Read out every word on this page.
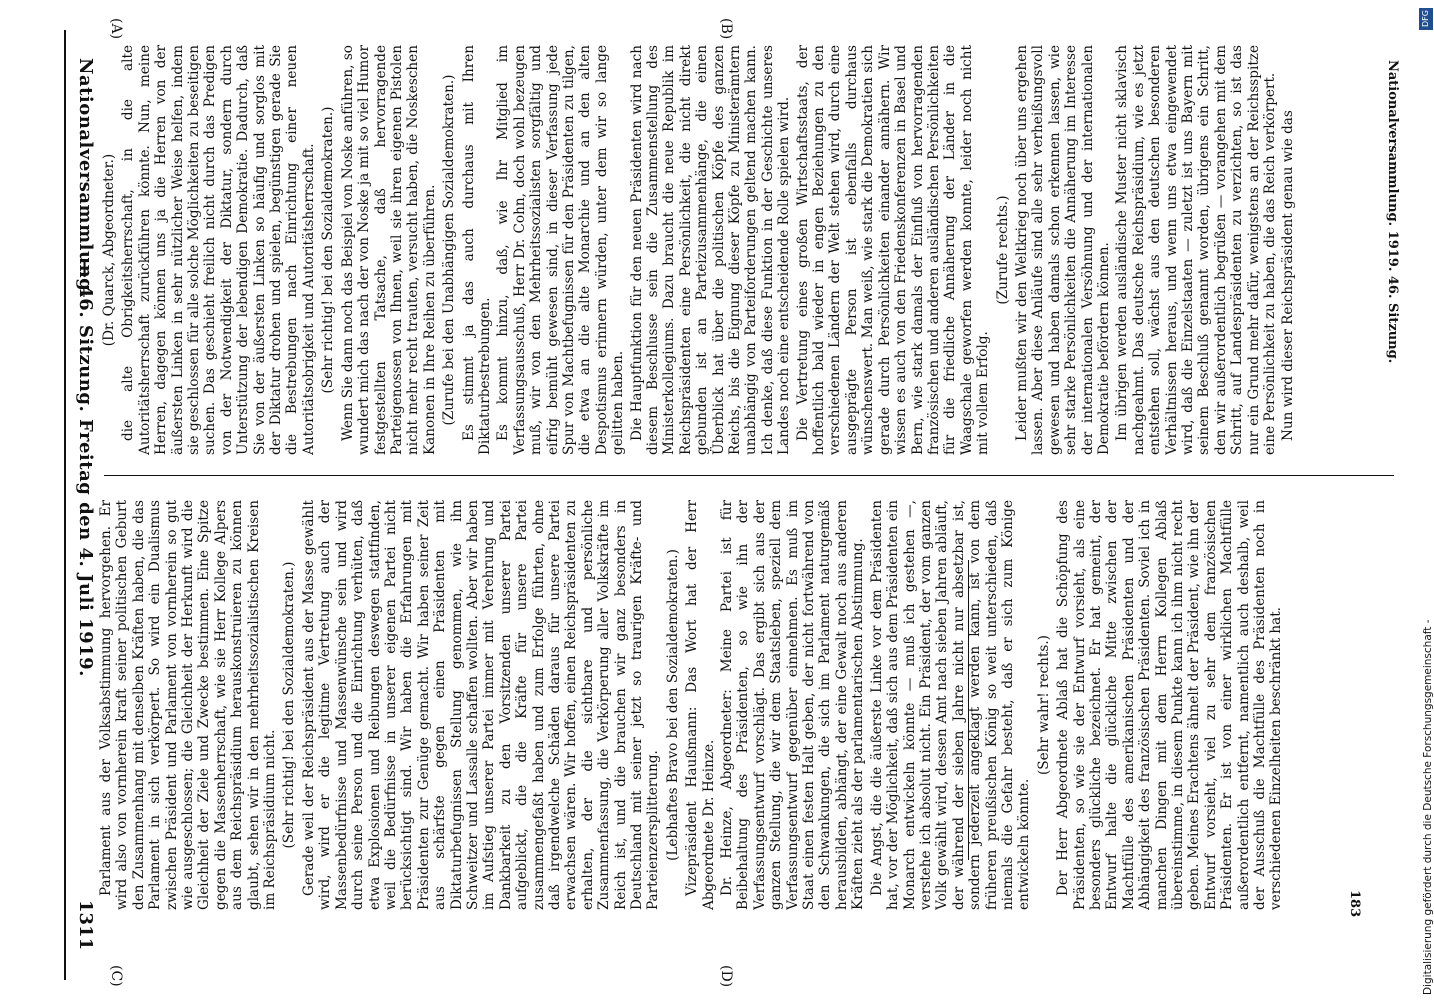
Nationalversammlung.
— 46. Sitzung. Freitag den 4. Juli 1919.
1311
(A)	(B)
(C)	(D)

(Dr. Quarck, Abgeordneter.) die alte Obrigkeitsherrschaft, in die alte Autoritätsherrschaft zurückführen könnte. Nun, meine Herren, dagegen können uns ja die Herren von der äußersten Linken in sehr nützlicher Weise helfen, indem sie geschlossen für alle solche Möglichkeiten zu beseitigen suchen. Das geschieht freilich nicht durch das Predigen von der Notwendigkeit der Diktatur, sondern durch Unterstützung der lebendigen Demokratie. Dadurch, daß Sie von der äußersten Linken so häufig und sorglos mit der Diktatur drohen und spielen, begünstigen gerade Sie die Bestrebungen nach Einrichtung einer neuen Autoritätsobrigkeit und Autoritätsherrschaft. (Sehr richtig! bei den Sozialdemokraten.) Wenn Sie dann noch das Beispiel von Noske anführen, so wundert mich das nach der von Noske ja mit so viel Humor festgestellten Tatsache, daß hervorragende Parteigenossen von Ihnen, weil sie ihren eigenen Pistolen nicht mehr recht trauten, versucht haben, die Noskeschen Kanonen in Ihre Reihen zu überführen. (Zurufe bei den Unabhängigen Sozialdemokraten.) Es stimmt ja das auch durchaus mit Ihren Diktaturbestrebungen. Es kommt hinzu, daß, wie Ihr Mitglied im Verfassungsausschuß, Herr Dr. Cohn, doch wohl bezeugen muß, wir von den Mehrheitssozialisten sorgfältig und eifrig bemüht gewesen sind, in dieser Verfassung jede Spur von Machtbefugnissen für den Präsidenten zu tilgen, die etwa an die alte Monarchie und an den alten Despotismus erinnern würden, unter dem wir so lange gelitten haben. Die Hauptfunktion für den neuen Präsidenten wird nach diesem Beschlusse sein die Zusammenstellung des Ministerkollegiums. Dazu braucht die neue Republik im Reichspräsidenten eine Persönlichkeit, die nicht direkt gebunden ist an Parteizusammenhänge, die einen Überblick hat über die politischen Köpfe des ganzen Reichs, bis die Eignung dieser Köpfe zu Ministerämtern unabhängig von Parteiforderungen geltend machen kann. Ich denke, daß diese Funktion in der Geschichte unseres Landes noch eine entscheidende Rolle spielen wird. Die Vertretung eines großen Wirtschaftsstaats, der hoffentlich bald wieder in engen Beziehungen zu den verschiedenen Ländern der Welt stehen wird, durch eine ausgeprägte Person ist ebenfalls durchaus wünschenswert. Man weiß, wie stark die Demokratien sich gerade durch Persönlichkeiten einander annähern. Wir wissen es auch von den Friedenskonferenzen in Basel und Bern, wie stark damals der Einfluß von hervorragenden französischen und anderen ausländischen Persönlichkeiten für die friedliche Annäherung der Länder in die Waagschale geworfen werden konnte, leider noch nicht mit vollem Erfolg.

(Zurufe rechts.) Leider mußten wir den Weltkrieg noch über uns ergehen lassen. Aber diese Anläufe sind alle sehr verheißungsvoll gewesen und haben damals schon erkennen lassen, wie sehr starke Persönlichkeiten die Annäherung im Interesse der internationalen Versöhnung und der internationalen Demokratie befördern können. Im übrigen werden ausländische Muster nicht sklavisch nachgeahmt. Das deutsche Reichspräsidium, wie es jetzt entstehen soll, wächst aus den deutschen besonderen Verhältnissen heraus, und wenn uns etwa eingewendet wird, daß die Einzelstaaten — zuletzt ist uns Bayern mit seinem Beschluß genannt worden, übrigens ein Schritt, den wir außerordentlich begrüßen — vorangehen mit dem Schritt, auf Landespräsidenten zu verzichten, so ist das nur ein Grund mehr dafür, wenigstens an der Reichsspitze eine Persönlichkeit zu haben, die das Reich verkörpert. Nun wird dieser Reichspräsident genau wie das

Parlament aus der Volksabstimmung hervorgehen. Er wird also von vornherein kraft seiner politischen Geburt den Zusammenhang mit denselben Kräften haben, die das Parlament in sich verkörpert. So wird ein Dualismus zwischen Präsident und Parlament von vornherein so gut wie ausgeschlossen; die Gleichheit der Herkunft wird die Gleichheit der Ziele und Zwecke bestimmen. Eine Spitze gegen die Massenherrschaft, wie sie Herr Kollege Alpers aus dem Reichspräsidium herauskonstruieren zu können glaubt, sehen wir in den mehrheitssozialistischen Kreisen im Reichspräsidium nicht. (Sehr richtig! bei den Sozialdemokraten.) Gerade weil der Reichspräsident aus der Masse gewählt wird, wird er die legitime Vertretung auch der Massenbedürfnisse und Massenwünsche sein und wird durch seine Person und die Einrichtung verhüten, daß etwa Explosionen und Reibungen deswegen stattfinden, weil die Bedürfnisse in unserer eigenen Partei nicht berücksichtigt sind. Wir haben die Erfahrungen mit Präsidenten zur Genüge gemacht. Wir haben seiner Zeit aus schärfste gegen einen Präsidenten mit Diktaturbefugnissen Stellung genommen, wie ihn Schweitzer und Lassalle schaffen wollten. Aber wir haben im Aufstieg unserer Partei immer mit Verehrung und Dankbarkeit zu den Vorsitzenden unserer Partei aufgeblickt, die die Kräfte für unsere Partei zusammengefaßt haben und zum Erfolge führten, ohne daß irgendwelche Schäden daraus für unsere Partei erwachsen wären. Wir hoffen, einen Reichspräsidenten zu erhalten, der die sichtbare und persönliche Zusammenfassung, die Verkörperung aller Volkskräfte im Reich ist, und die brauchen wir ganz besonders in Deutschland mit seiner jetzt so traurigen Kräfte- und Parteienzersplitterung. (Lebhaftes Bravo bei den Sozialdemokraten.) Vizepräsident Haußmann: Das Wort hat der Herr Abgeordnete Dr. Heinze. Dr. Heinze, Abgeordneter: Meine Partei ist für Beibehaltung des Präsidenten, so wie ihn der Verfassungsentwurf vorschlägt. Das ergibt sich aus der ganzen Stellung, die wir dem Staatsleben, speziell dem Verfassungsentwurf gegenüber einnehmen. Es muß im Staat einen festen Halt geben, der nicht fortwährend von den Schwankungen, die sich im Parlament naturgemäß herausbilden, abhängt, der eine Gewalt noch aus anderen Kräften zieht als der parlamentarischen Abstimmung. Die Angst, die die äußerste Linke vor dem Präsidenten hat, vor der Möglichkeit, daß sich aus dem Präsidenten ein Monarch entwickeln könnte — muß ich gestehen —, verstehe ich absolut nicht. Ein Präsident, der vom ganzen Volk gewählt wird, dessen Amt nach sieben Jahren abläuft, der während der sieben Jahre nicht nur absetzbar ist, sondern jederzeit angeklagt werden kann, ist von dem früheren preußischen König so weit unterschieden, daß niemals die Gefahr besteht, daß er sich zum Könige entwickeln könnte.

(Sehr wahr! rechts.) Der Herr Abgeordnete Ablaß hat die Schöpfung des Präsidenten, so wie sie der Entwurf vorsieht, als eine besonders glückliche bezeichnet. Er hat gemeint, der Entwurf halte die glückliche Mitte zwischen der Machtfülle des amerikanischen Präsidenten und der Abhängigkeit des französischen Präsidenten. Soviel ich in manchen Dingen mit dem Herrn Kollegen Ablaß übereinstimme, in diesem Punkte kann ich ihm nicht recht geben. Meines Erachtens ähnelt der Präsident, wie ihn der Entwurf vorsieht, viel zu sehr dem französischen Präsidenten. Er ist von einer wirklichen Machtfülle außerordentlich entfernt, namentlich auch deshalb, weil der Ausschuß die Machtfülle des Präsidenten noch in verschiedenen Einzelheiten beschränkt hat.

Nationalversammlung. 1919. 46. Sitzung.
183
DFG
Digitalisierung gefördert durch die Deutsche Forschungsgemeinschaft -
